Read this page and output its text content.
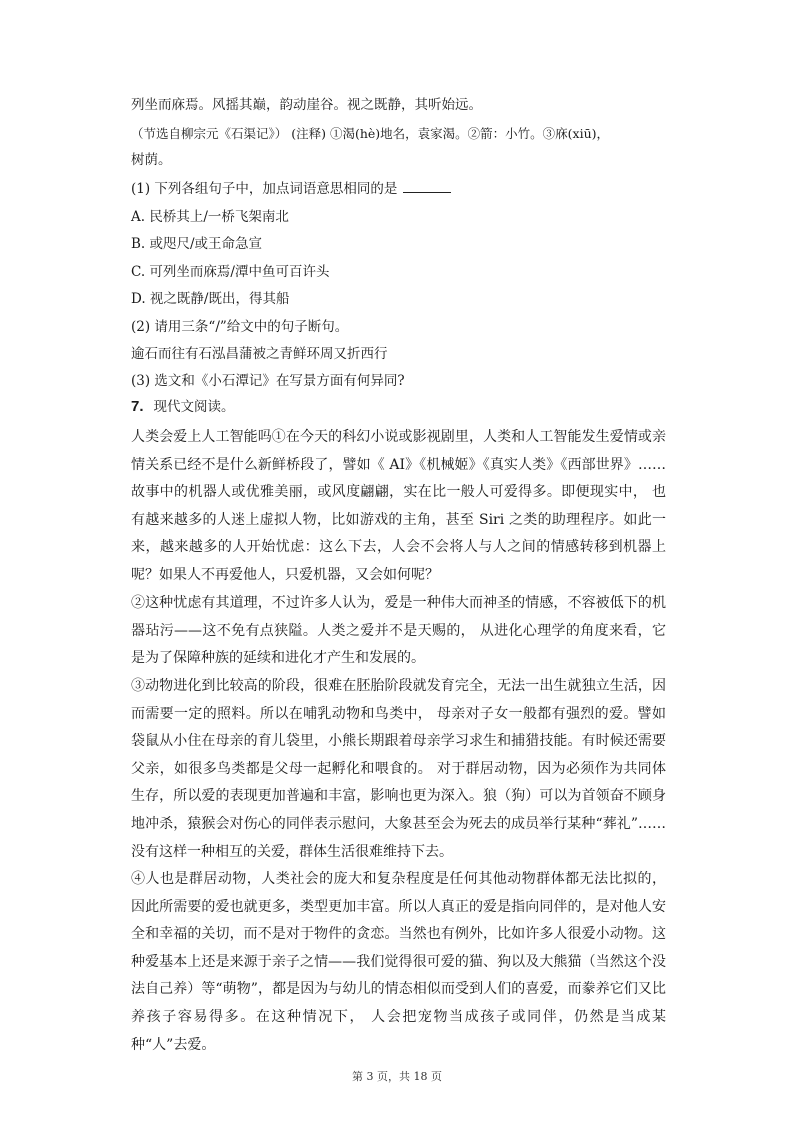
列坐而庥焉。风摇其巅，韵动崖谷。视之既静，其听始远。
（节选自柳宗元《石渠记》） (注释) ①渴(hè)地名，袁家渴。②箭：小竹。③庥(xiū)，
树荫。
(1) 下列各组句子中，加点词语意思相同的是
A. 民桥其上/一桥飞架南北
B. 或咫尺/或王命急宣
C. 可列坐而庥焉/潭中鱼可百许头
D. 视之既静/既出，得其船
(2) 请用三条“/”给文中的句子断句。
逾石而往有石泓昌蒲被之青鲜环周又折西行
(3) 选文和《小石潭记》在写景方面有何异同?
7. 现代文阅读。
人类会爱上人工智能吗①在今天的科幻小说或影视剧里，人类和人工智能发生爱情或亲情关系已经不是什么新鲜桥段了，譬如《 AI》《机械姬》《真实人类》《西部世界》……故事中的机器人或优雅美丽，或风度翩翩，实在比一般人可爱得多。即便现实中， 也有越来越多的人迷上虚拟人物，比如游戏的主角，甚至 Siri 之类的助理程序。如此一来，越来越多的人开始忧虑：这么下去，人会不会将人与人之间的情感转移到机器上呢？如果人不再爱他人，只爱机器，又会如何呢？
②这种忧虑有其道理，不过许多人认为，爱是一种伟大而神圣的情感，不容被低下的机器玷污——这不免有点狭隘。人类之爱并不是天赐的， 从进化心理学的角度来看，它是为了保障种族的延续和进化才产生和发展的。
③动物进化到比较高的阶段，很难在胚胎阶段就发育完全，无法一出生就独立生活，因而需要一定的照料。所以在哺乳动物和鸟类中， 母亲对子女一般都有强烈的爱。譬如袋鼠从小住在母亲的育儿袋里，小熊长期跟着母亲学习求生和捕猎技能。有时候还需要父亲，如很多鸟类都是父母一起孵化和喂食的。 对于群居动物，因为必须作为共同体生存，所以爱的表现更加普遍和丰富，影响也更为深入。狼（狗）可以为首领奋不顾身地冲杀，猿猴会对伤心的同伴表示慰问，大象甚至会为死去的成员举行某种“葬礼”……没有这样一种相互的关爱，群体生活很难维持下去。
④人也是群居动物，人类社会的庞大和复杂程度是任何其他动物群体都无法比拟的， 因此所需要的爱也就更多，类型更加丰富。所以人真正的爱是指向同伴的，是对他人安全和幸福的关切，而不是对于物件的贪恋。当然也有例外，比如许多人很爱小动物。这种爱基本上还是来源于亲子之情——我们觉得很可爱的猫、狗以及大熊猫（当然这个没法自己养）等“萌物”，都是因为与幼儿的情态相似而受到人们的喜爱，而豢养它们又比养孩子容易得多。在这种情况下， 人会把宠物当成孩子或同伴，仍然是当成某种“人”去爱。
第 3 页，共 18 页
